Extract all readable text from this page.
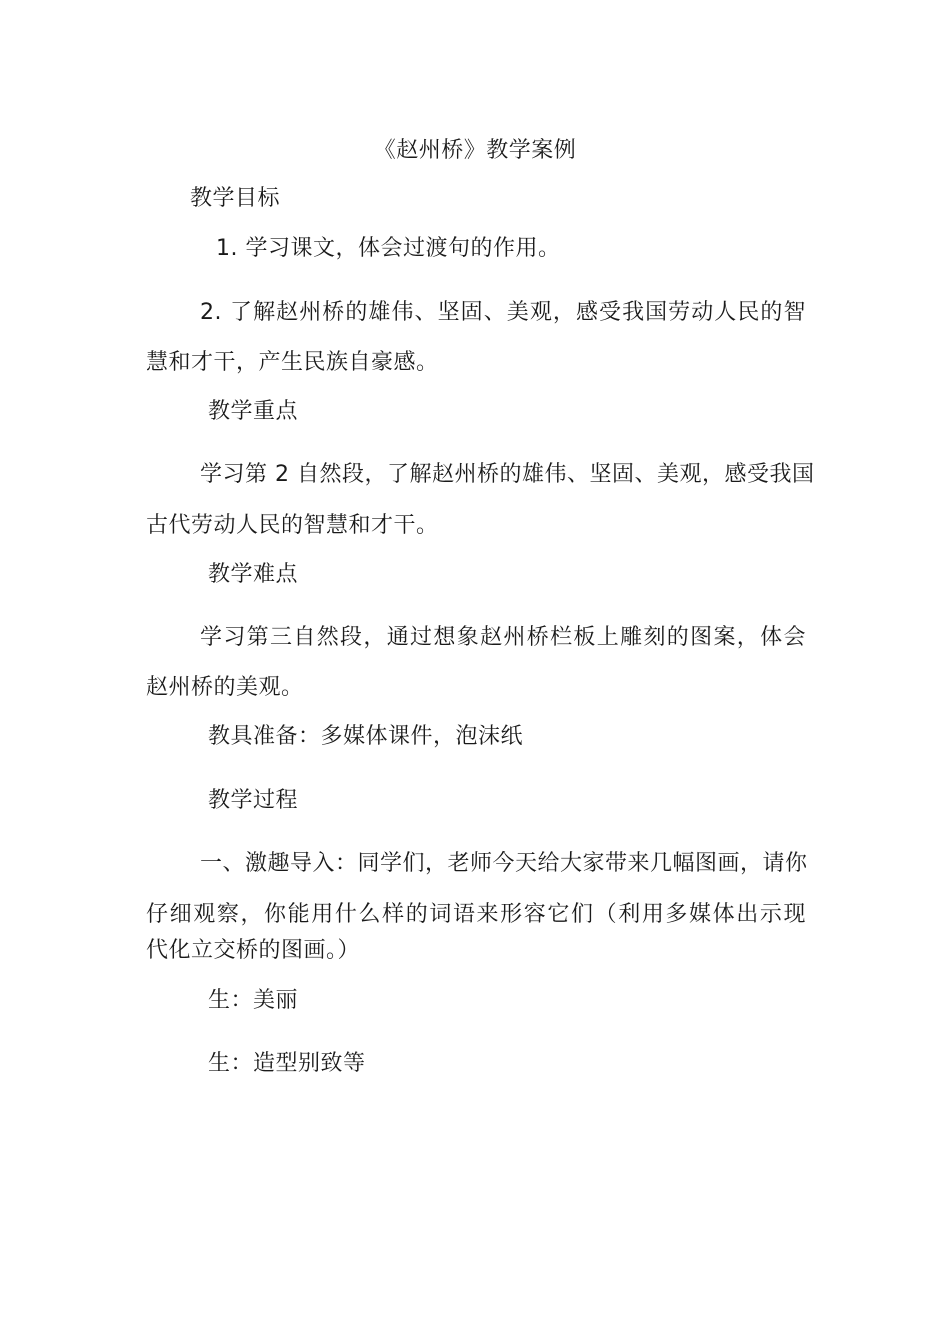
《赵州桥》教学案例
教学目标
1. 学习课文，体会过渡句的作用。
2. 了解赵州桥的雄伟、坚固、美观，感受我国劳动人民的智
慧和才干，产生民族自豪感。
教学重点
学习第 2 自然段，了解赵州桥的雄伟、坚固、美观，感受我国
古代劳动人民的智慧和才干。
教学难点
学习第三自然段，通过想象赵州桥栏板上雕刻的图案，体会
赵州桥的美观。
教具准备：多媒体课件，泡沫纸
教学过程
一、激趣导入：同学们，老师今天给大家带来几幅图画，请你
仔细观察，你能用什么样的词语来形容它们（利用多媒体出示现
代化立交桥的图画。）
生：美丽
生：造型别致等
